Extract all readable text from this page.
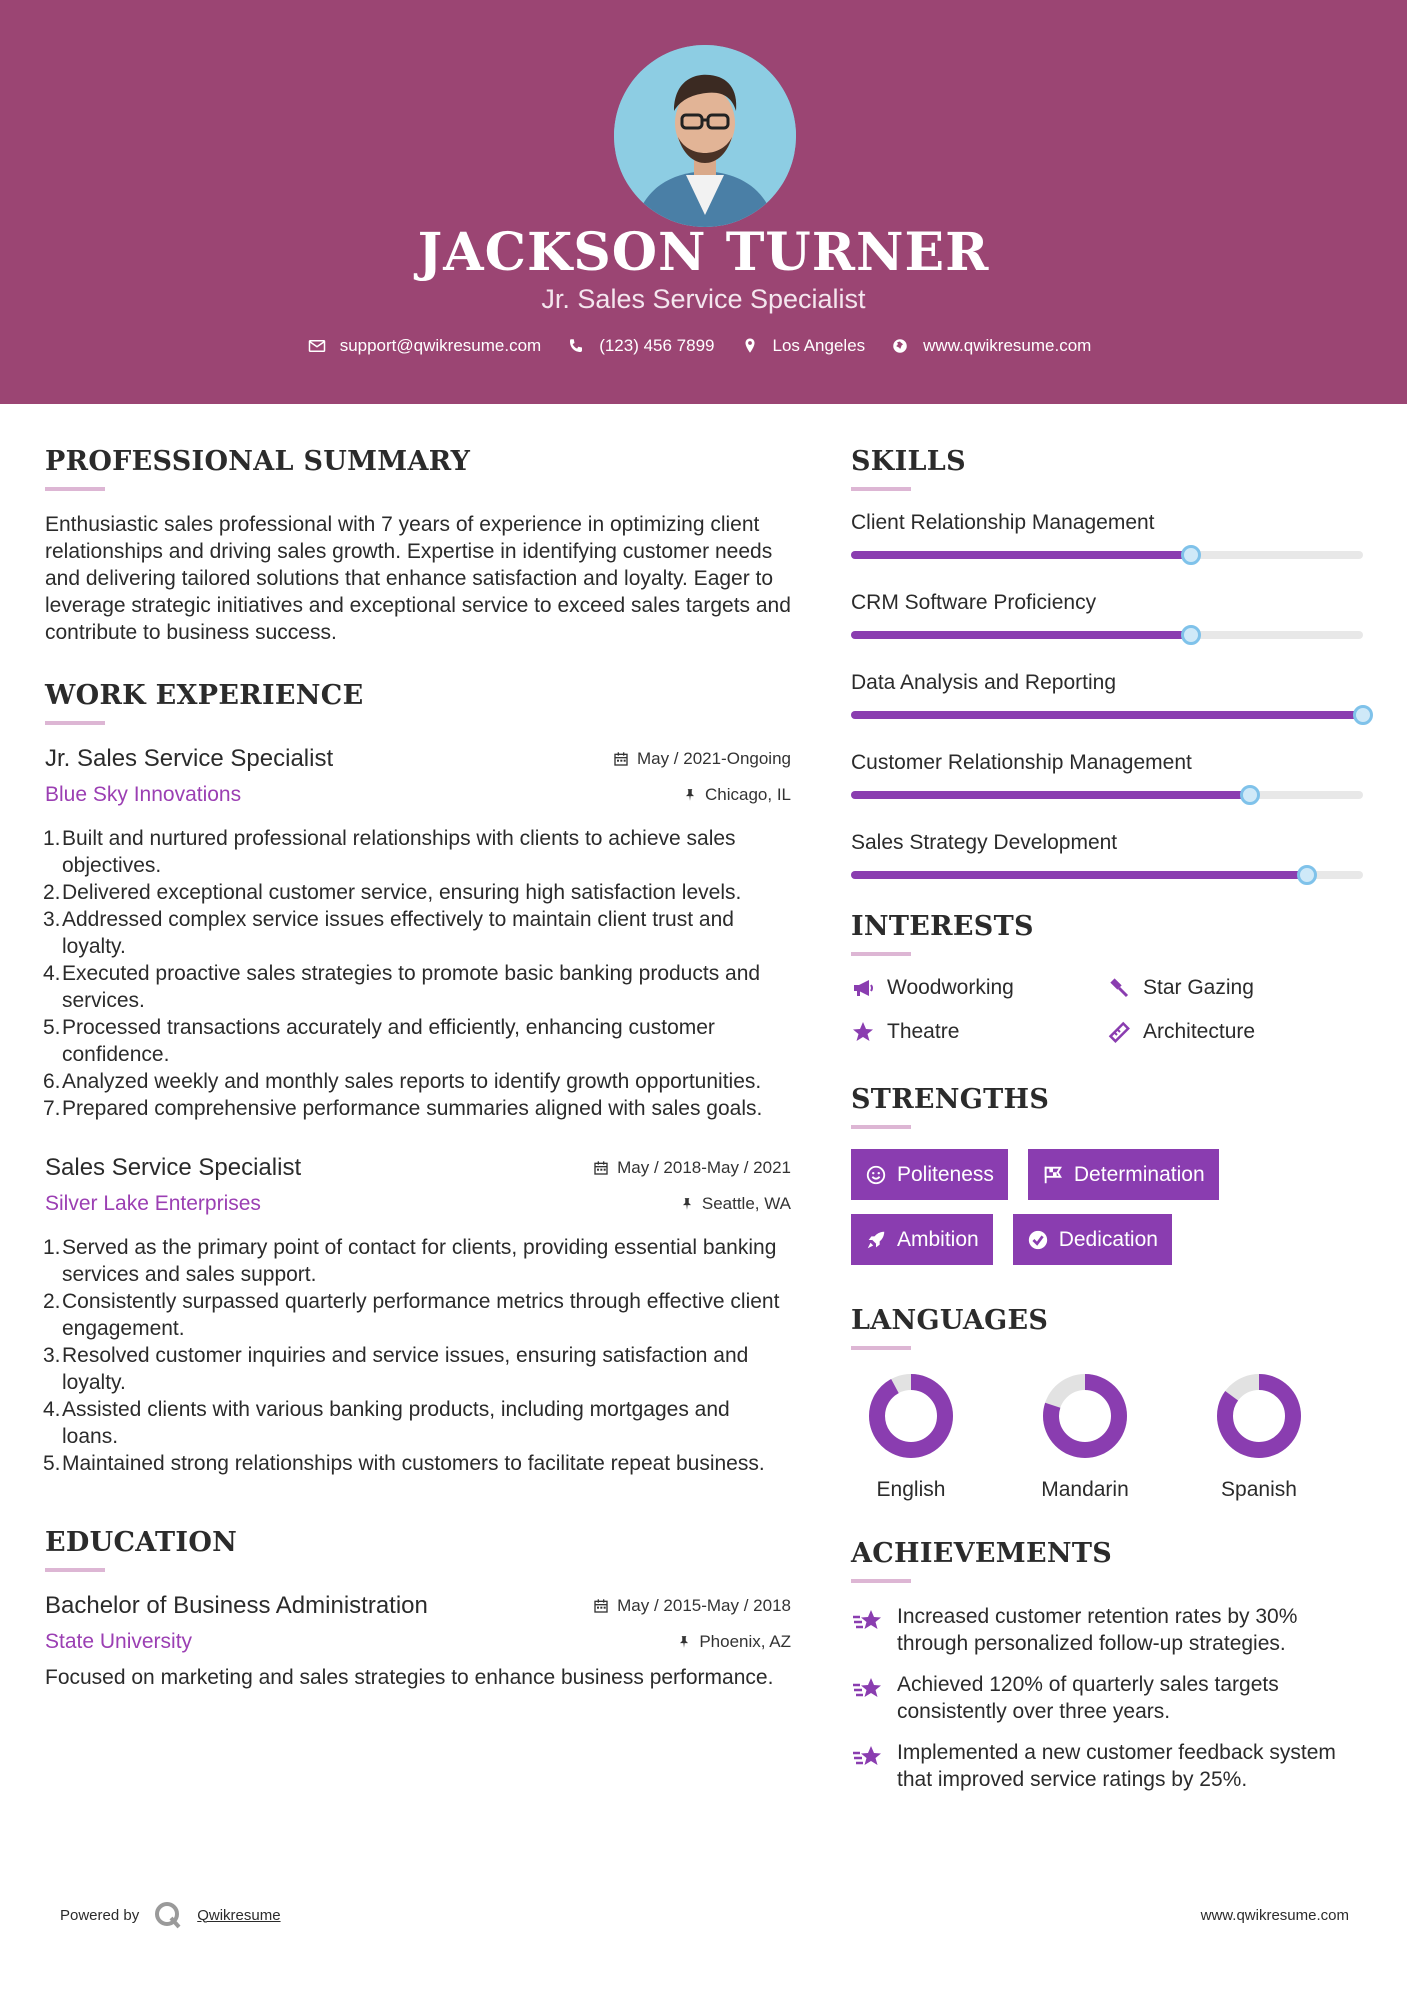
JACKSON TURNER
Jr. Sales Service Specialist
support@qwikresume.com	(123) 456 7899	Los Angeles	www.qwikresume.com
PROFESSIONAL SUMMARY
Enthusiastic sales professional with 7 years of experience in optimizing client relationships and driving sales growth. Expertise in identifying customer needs and delivering tailored solutions that enhance satisfaction and loyalty. Eager to leverage strategic initiatives and exceptional service to exceed sales targets and contribute to business success.
WORK EXPERIENCE
Jr. Sales Service Specialist	May / 2021-Ongoing
Blue Sky Innovations	Chicago, IL
1. Built and nurtured professional relationships with clients to achieve sales objectives.
2. Delivered exceptional customer service, ensuring high satisfaction levels.
3. Addressed complex service issues effectively to maintain client trust and loyalty.
4. Executed proactive sales strategies to promote basic banking products and services.
5. Processed transactions accurately and efficiently, enhancing customer confidence.
6. Analyzed weekly and monthly sales reports to identify growth opportunities.
7. Prepared comprehensive performance summaries aligned with sales goals.
Sales Service Specialist	May / 2018-May / 2021
Silver Lake Enterprises	Seattle, WA
1. Served as the primary point of contact for clients, providing essential banking services and sales support.
2. Consistently surpassed quarterly performance metrics through effective client engagement.
3. Resolved customer inquiries and service issues, ensuring satisfaction and loyalty.
4. Assisted clients with various banking products, including mortgages and loans.
5. Maintained strong relationships with customers to facilitate repeat business.
EDUCATION
Bachelor of Business Administration	May / 2015-May / 2018
State University	Phoenix, AZ
Focused on marketing and sales strategies to enhance business performance.
SKILLS
Client Relationship Management
CRM Software Proficiency
Data Analysis and Reporting
Customer Relationship Management
Sales Strategy Development
INTERESTS
Woodworking	Star Gazing
Theatre	Architecture
STRENGTHS
Politeness	Determination
Ambition	Dedication
LANGUAGES
English	Mandarin	Spanish
ACHIEVEMENTS
Increased customer retention rates by 30% through personalized follow-up strategies.
Achieved 120% of quarterly sales targets consistently over three years.
Implemented a new customer feedback system that improved service ratings by 25%.
Powered by	Qwikresume	www.qwikresume.com
